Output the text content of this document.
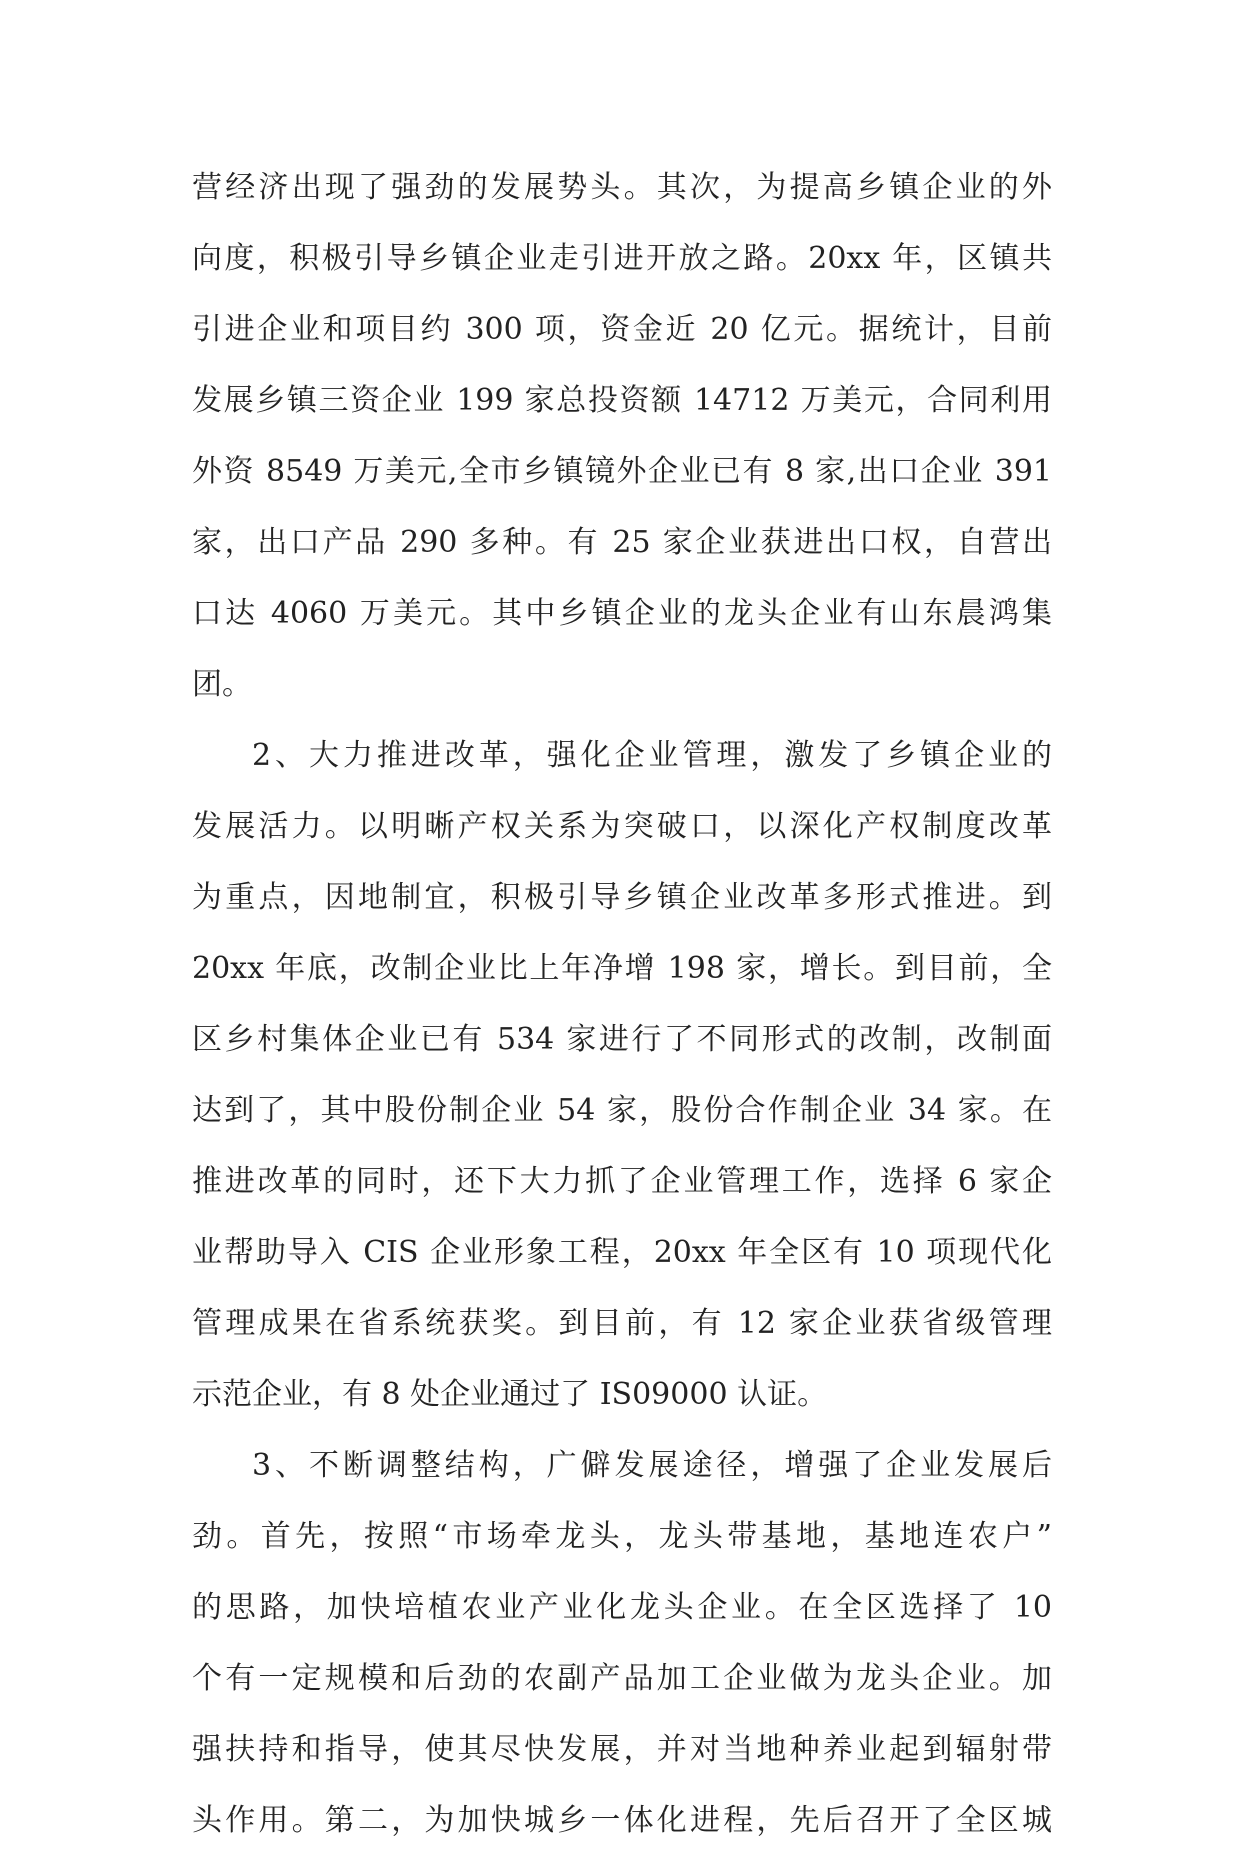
营经济出现了强劲的发展势头。其次，为提高乡镇企业的外
向度，积极引导乡镇企业走引进开放之路。20xx 年，区镇共
引进企业和项目约 300 项，资金近 20 亿元。据统计，目前
发展乡镇三资企业 199 家总投资额 14712 万美元，合同利用
外资 8549 万美元,全市乡镇镜外企业已有 8 家,出口企业 391
家，出口产品 290 多种。有 25 家企业获进出口权，自营出
口达 4060 万美元。其中乡镇企业的龙头企业有山东晨鸿集
团。
2、大力推进改革，强化企业管理，激发了乡镇企业的
发展活力。以明晰产权关系为突破口，以深化产权制度改革
为重点，因地制宜，积极引导乡镇企业改革多形式推进。到
20xx 年底，改制企业比上年净增 198 家，增长。到目前，全
区乡村集体企业已有 534 家进行了不同形式的改制，改制面
达到了，其中股份制企业 54 家，股份合作制企业 34 家。在
推进改革的同时，还下大力抓了企业管理工作，选择 6 家企
业帮助导入 CIS 企业形象工程，20xx 年全区有 10 项现代化
管理成果在省系统获奖。到目前，有 12 家企业获省级管理
示范企业，有 8 处企业通过了 IS09000 认证。
3、不断调整结构，广僻发展途径，增强了企业发展后
劲。首先，按照“市场牵龙头，龙头带基地，基地连农户”
的思路，加快培植农业产业化龙头企业。在全区选择了 10
个有一定规模和后劲的农副产品加工企业做为龙头企业。加
强扶持和指导，使其尽快发展，并对当地种养业起到辐射带
头作用。第二，为加快城乡一体化进程，先后召开了全区城
